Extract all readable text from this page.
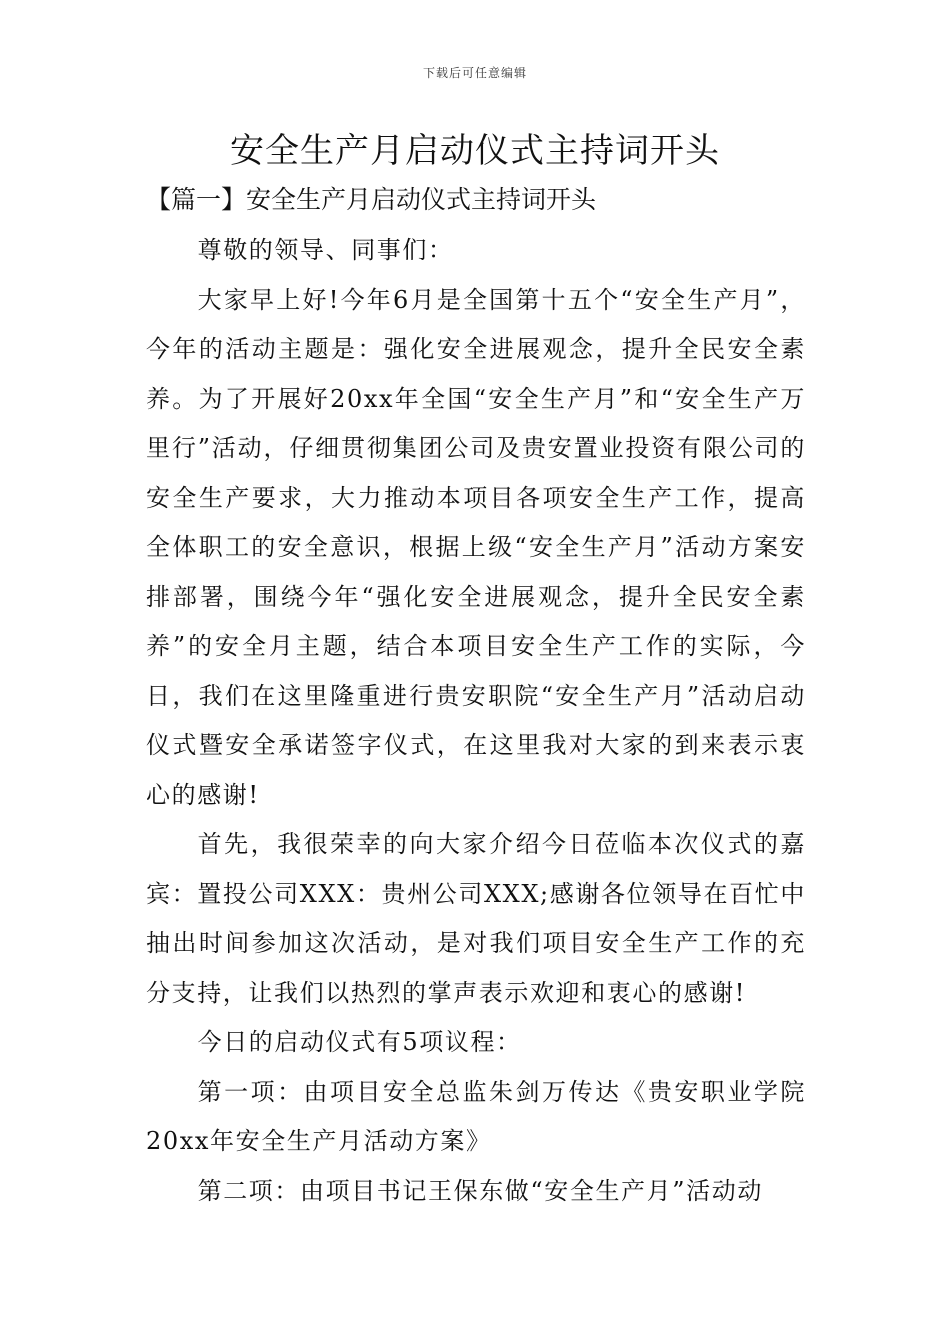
下载后可任意编辑
安全生产月启动仪式主持词开头
【篇一】安全生产月启动仪式主持词开头

尊敬的领导、同事们：

大家早上好!今年6月是全国第十五个“安全生产月”，今年的活动主题是：强化安全进展观念，提升全民安全素养。为了开展好20xx年全国“安全生产月”和“安全生产万里行”活动，仔细贯彻集团公司及贵安置业投资有限公司的安全生产要求，大力推动本项目各项安全生产工作，提高全体职工的安全意识，根据上级“安全生产月”活动方案安排部署，围绕今年“强化安全进展观念，提升全民安全素养”的安全月主题，结合本项目安全生产工作的实际，今日，我们在这里隆重进行贵安职院“安全生产月”活动启动仪式暨安全承诺签字仪式，在这里我对大家的到来表示衷心的感谢!

首先，我很荣幸的向大家介绍今日莅临本次仪式的嘉宾：置投公司XXX：贵州公司XXX;感谢各位领导在百忙中抽出时间参加这次活动，是对我们项目安全生产工作的充分支持，让我们以热烈的掌声表示欢迎和衷心的感谢!

今日的启动仪式有5项议程：

第一项：由项目安全总监朱剑万传达《贵安职业学院20xx年安全生产月活动方案》

第二项：由项目书记王保东做“安全生产月”活动动
